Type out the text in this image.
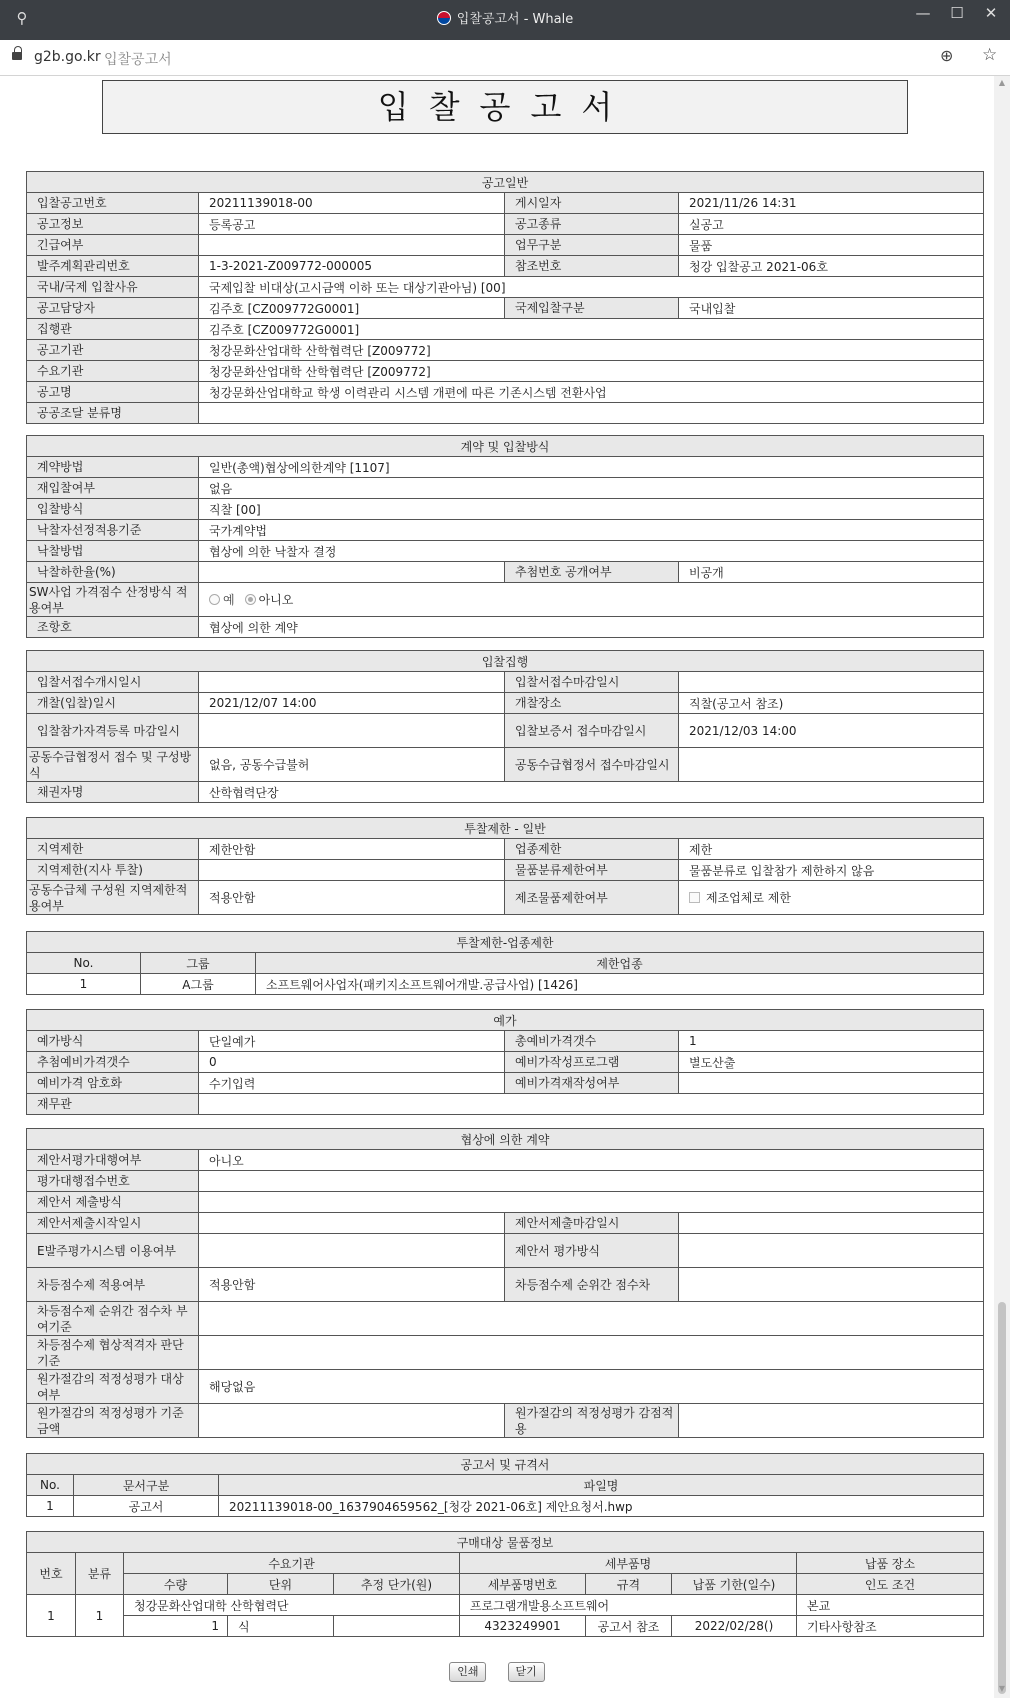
⚲	입찰공고서 - Whale	—	☐	✕
g2b.go.kr 입찰공고서	⊕ ☆
입찰공고서
공고일반			
입찰공고번호	20211139018-00	게시일자	2021/11/26 14:31
공고정보	등록공고	공고종류	실공고
긴급여부		업무구분	물품
발주계획관리번호	1-3-2021-Z009772-000005	참조번호	청강 입찰공고 2021-06호
국내/국제 입찰사유	국제입찰 비대상(고시금액 이하 또는 대상기관아님) [00]		
공고담당자	김주호 [CZ009772G0001]	국제입찰구분	국내입찰
집행관	김주호 [CZ009772G0001]		
공고기관	청강문화산업대학 산학협력단 [Z009772]		
수요기관	청강문화산업대학 산학협력단 [Z009772]		
공고명	청강문화산업대학교 학생 이력관리 시스템 개편에 따른 기존시스템 전환사업		
공공조달 분류명			
계약 및 입찰방식			
계약방법	일반(총액)협상에의한계약 [1107]		
재입찰여부	없음		
입찰방식	직찰 [00]		
낙찰자선정적용기준	국가계약법		
낙찰방법	협상에 의한 낙찰자 결정		
낙찰하한율(%)		추첨번호 공개여부	비공개
SW사업 가격점수 산정방식 적용여부	예 아니오		
조항호	협상에 의한 계약		
입찰집행			
입찰서접수개시일시		입찰서접수마감일시	
개찰(입찰)일시	2021/12/07 14:00	개찰장소	직찰(공고서 참조)
입찰참가자격등록 마감일시		입찰보증서 접수마감일시	2021/12/03 14:00
공동수급협정서 접수 및 구성방식	없음, 공동수급불허	공동수급협정서 접수마감일시	
채권자명	산학협력단장		
투찰제한 - 일반			
지역제한	제한안함	업종제한	제한
지역제한(지사 투찰)		물품분류제한여부	물품분류로 입찰참가 제한하지 않음
공동수급체 구성원 지역제한적용여부	적용안함	제조물품제한여부	제조업체로 제한
투찰제한-업종제한		
No.	그룹	제한업종
1	A그룹	소프트웨어사업자(패키지소프트웨어개발.공급사업) [1426]
예가			
예가방식	단일예가	총예비가격갯수	1
추첨예비가격갯수	0	예비가작성프로그램	별도산출
예비가격 암호화	수기입력	예비가격재작성여부	
재무관			
협상에 의한 계약			
제안서평가대행여부	아니오		
평가대행접수번호			
제안서 제출방식			
제안서제출시작일시		제안서제출마감일시	
E발주평가시스템 이용여부		제안서 평가방식	
차등점수제 적용여부	적용안함	차등점수제 순위간 점수차	
차등점수제 순위간 점수차 부여기준			
차등점수제 협상적격자 판단기준			
원가절감의 적정성평가 대상여부	해당없음		
원가절감의 적정성평가 기준금액		원가절감의 적정성평가 감점적용	
공고서 및 규격서		
No.	문서구분	파일명
1	공고서	20211139018-00_1637904659562_[청강 2021-06호] 제안요청서.hwp
구매대상 물품정보								
번호	분류	수요기관			세부품명			납품 장소
		수량	단위	추정 단가(원)	세부품명번호	규격	납품 기한(일수)	인도 조건
1	1	청강문화산업대학 산학협력단			프로그램개발용소프트웨어			본교
		1	식		4323249901	공고서 참조	2022/02/28()	기타사항참조
인쇄	닫기
▲
▼
